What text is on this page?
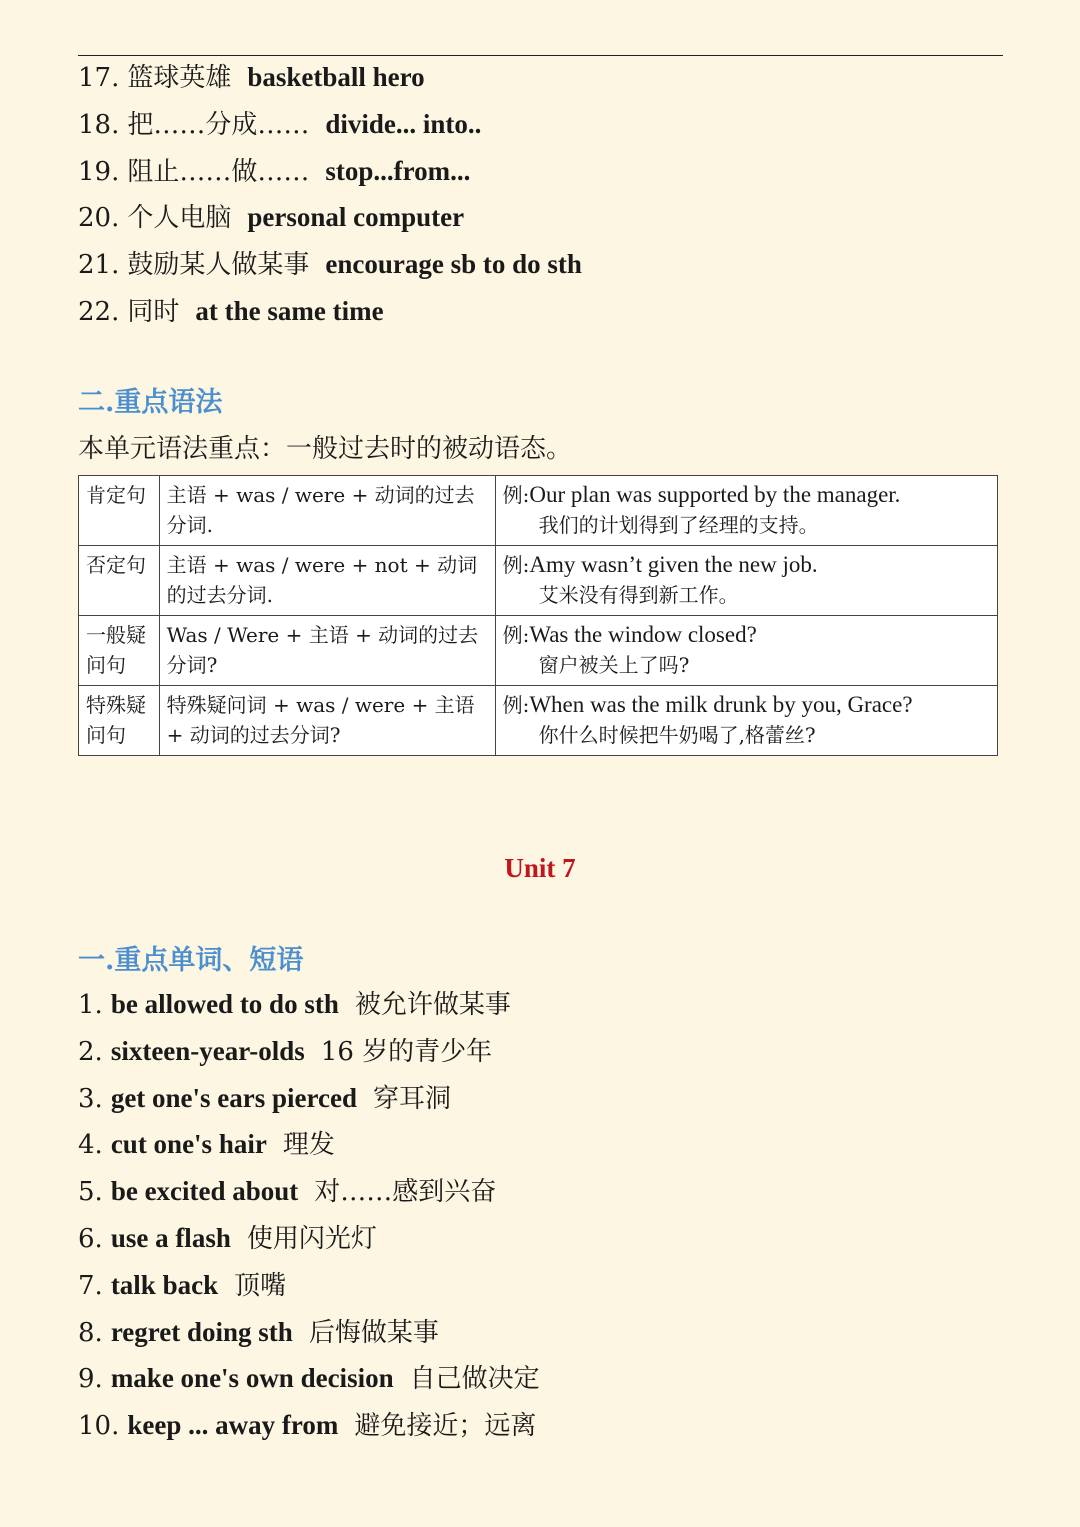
17. 篮球英雄 basketball hero
18. 把……分成…… divide... into..
19. 阻止……做…… stop...from...
20. 个人电脑 personal computer
21. 鼓励某人做某事 encourage sb to do sth
22. 同时 at the same time
二.重点语法

本单元语法重点：一般过去时的被动语态。

肯定句	主语 + was / were + 动词的过去分词.	例:Our plan was supported by the manager.
我们的计划得到了经理的支持。

否定句	主语 + was / were + not + 动词的过去分词.	例:Amy wasn’t given the new job.
艾米没有得到新工作。

一般疑问句	Was / Were + 主语 + 动词的过去分词?	例:Was the window closed?
窗户被关上了吗?

特殊疑问句	特殊疑问词 + was / were + 主语 + 动词的过去分词?	例:When was the milk drunk by you, Grace?
你什么时候把牛奶喝了,格蕾丝?
Unit 7
一.重点单词、短语
1. be allowed to do sth 被允许做某事
2. sixteen-year-olds 16 岁的青少年
3. get one's ears pierced 穿耳洞
4. cut one's hair 理发
5. be excited about 对……感到兴奋
6. use a flash 使用闪光灯
7. talk back 顶嘴
8. regret doing sth 后悔做某事
9. make one's own decision 自己做决定
10. keep ... away from 避免接近；远离
